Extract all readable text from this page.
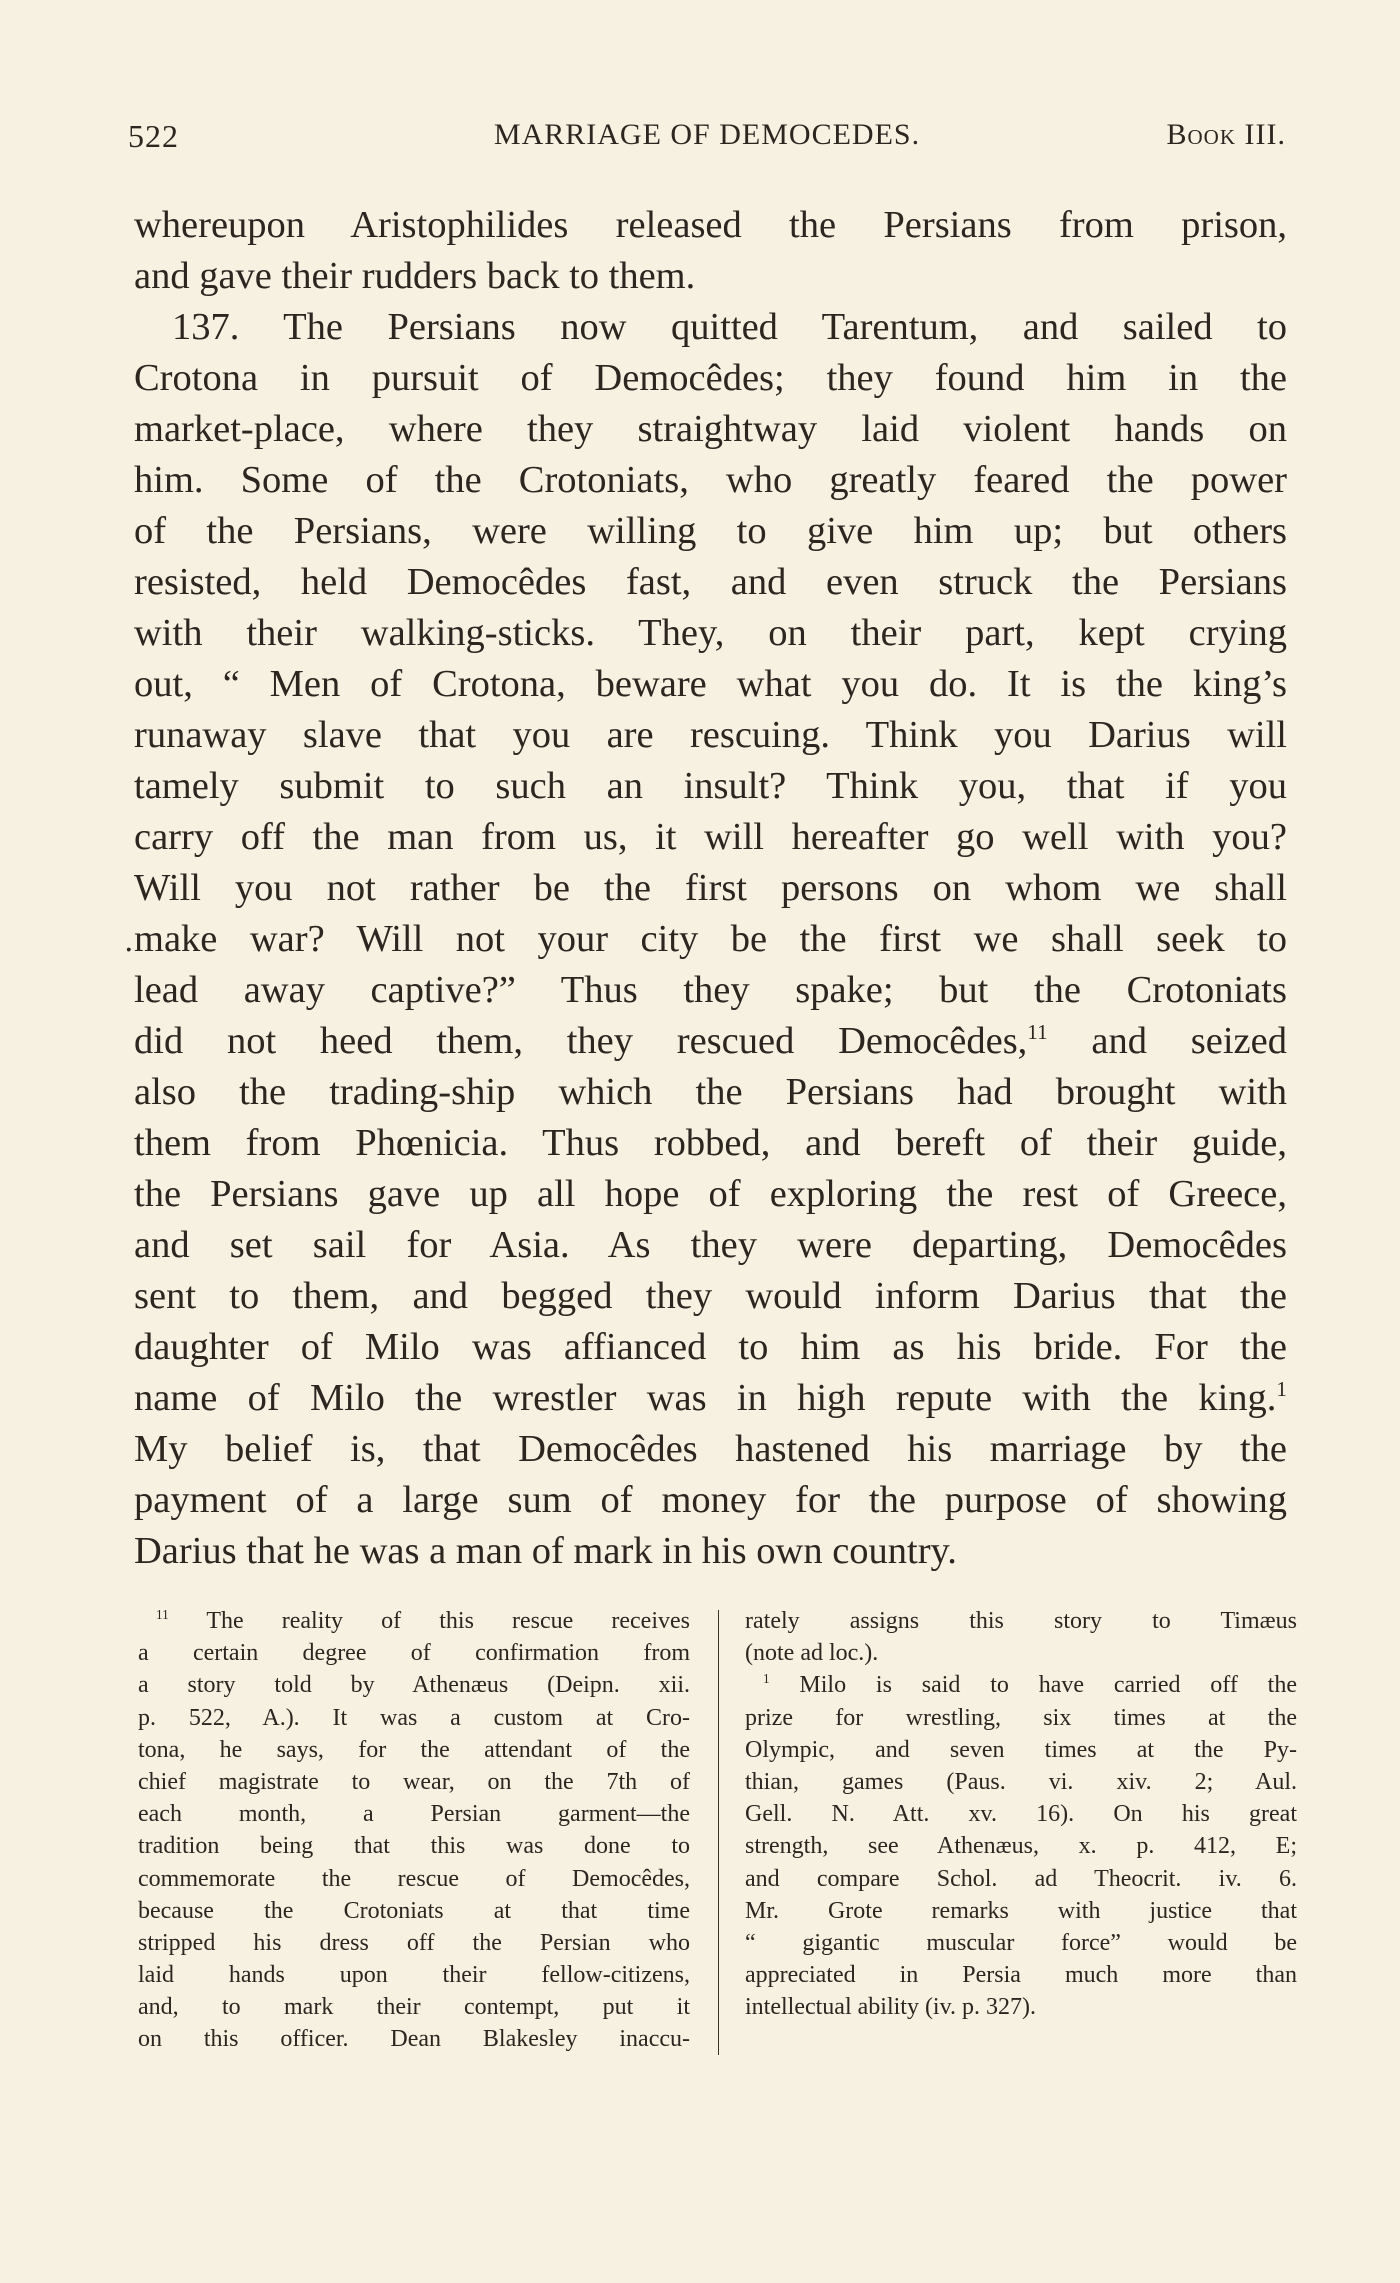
522	MARRIAGE OF DEMOCEDES.	Book III.
whereupon Aristophilides released the Persians from prison,
and gave their rudders back to them.
137. The Persians now quitted Tarentum, and sailed to
Crotona in pursuit of Democêdes; they found him in the
market-place, where they straightway laid violent hands on
him. Some of the Crotoniats, who greatly feared the power
of the Persians, were willing to give him up; but others
resisted, held Democêdes fast, and even struck the Persians
with their walking-sticks. They, on their part, kept crying
out, “ Men of Crotona, beware what you do. It is the king’s
runaway slave that you are rescuing. Think you Darius will
tamely submit to such an insult? Think you, that if you
carry off the man from us, it will hereafter go well with you?
Will you not rather be the first persons on whom we shall
make war? Will not your city be the first we shall seek to
lead away captive?” Thus they spake; but the Crotoniats
did not heed them, they rescued Democêdes,$^{11}$ and seized
also the trading-ship which the Persians had brought with
them from Phœnicia. Thus robbed, and bereft of their guide,
the Persians gave up all hope of exploring the rest of Greece,
and set sail for Asia. As they were departing, Democêdes
sent to them, and begged they would inform Darius that the
daughter of Milo was affianced to him as his bride. For the
name of Milo the wrestler was in high repute with the king.$^1$
My belief is, that Democêdes hastened his marriage by the
payment of a large sum of money for the purpose of showing
Darius that he was a man of mark in his own country.
.
$^{11}$ The reality of this rescue receives
a certain degree of confirmation from
a story told by Athenæus (Deipn. xii.
p. 522, A.). It was a custom at Cro-
tona, he says, for the attendant of the
chief magistrate to wear, on the 7th of
each month, a Persian garment—the
tradition being that this was done to
commemorate the rescue of Democêdes,
because the Crotoniats at that time
stripped his dress off the Persian who
laid hands upon their fellow-citizens,
and, to mark their contempt, put it
on this officer. Dean Blakesley inaccu-
rately assigns this story to Timæus
(note ad loc.).
$^1$ Milo is said to have carried off the
prize for wrestling, six times at the
Olympic, and seven times at the Py-
thian, games (Paus. vi. xiv. 2; Aul.
Gell. N. Att. xv. 16). On his great
strength, see Athenæus, x. p. 412, E;
and compare Schol. ad Theocrit. iv. 6.
Mr. Grote remarks with justice that
“ gigantic muscular force” would be
appreciated in Persia much more than
intellectual ability (iv. p. 327).
